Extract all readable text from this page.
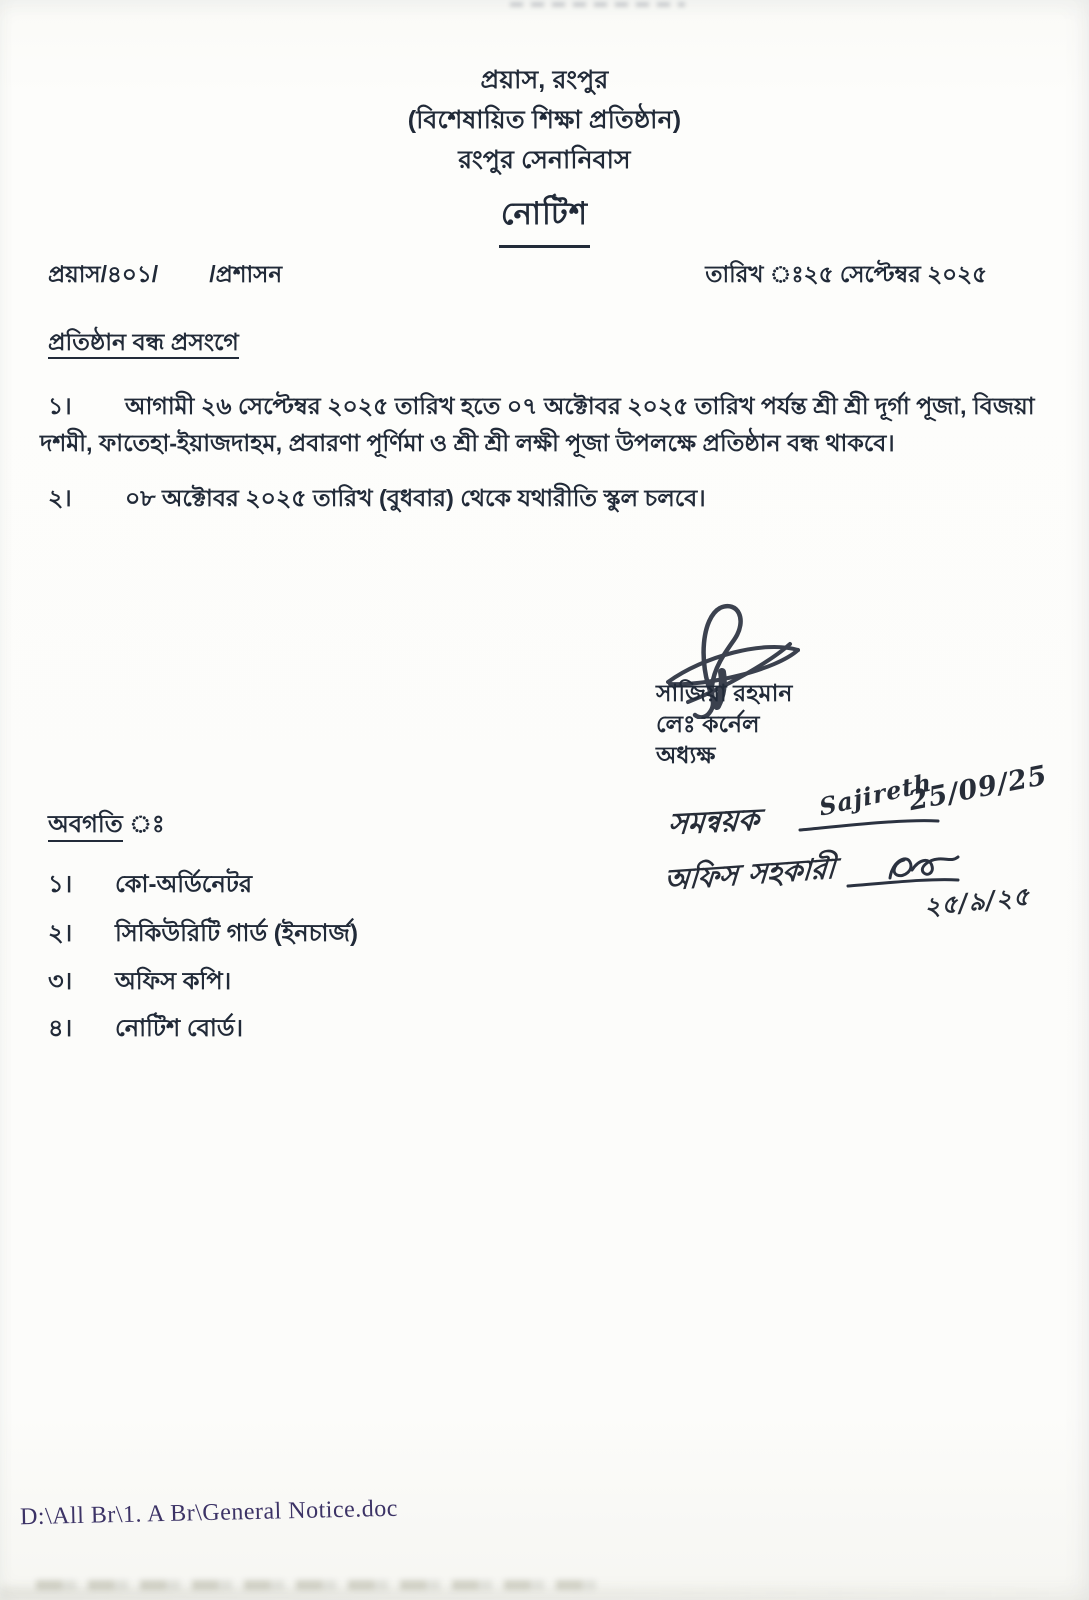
প্রয়াস, রংপুর
(বিশেষায়িত শিক্ষা প্রতিষ্ঠান)
রংপুর সেনানিবাস
নোটিশ
প্রয়াস/৪০১/        /প্রশাসন	তারিখ ঃ২৫ সেপ্টেম্বর ২০২৫
প্রতিষ্ঠান বন্ধ প্রসংগে

১। আগামী ২৬ সেপ্টেম্বর ২০২৫ তারিখ হতে ০৭ অক্টোবর ২০২৫ তারিখ পর্যন্ত শ্রী শ্রী দূর্গা পূজা, বিজয়া দশমী, ফাতেহা-ইয়াজদাহম, প্রবারণা পূর্ণিমা ও শ্রী শ্রী লক্ষী পূজা উপলক্ষে প্রতিষ্ঠান বন্ধ থাকবে।

২। ০৮ অক্টোবর ২০২৫ তারিখ (বুধবার) থেকে যথারীতি স্কুল চলবে।

সাজিয়া রহমান
লেঃ কর্নেল
অধ্যক্ষ
অবগতি ঃ
১। কো-অর্ডিনেটর
২। সিকিউরিটি গার্ড (ইনচার্জ)
৩। অফিস কপি।
৪। নোটিশ বোর্ড।
সমন্বয়ক
Sajireth
25/09/25
অফিস সহকারী
২৫/৯/২৫
D:\All Br\1. A Br\General Notice.doc
